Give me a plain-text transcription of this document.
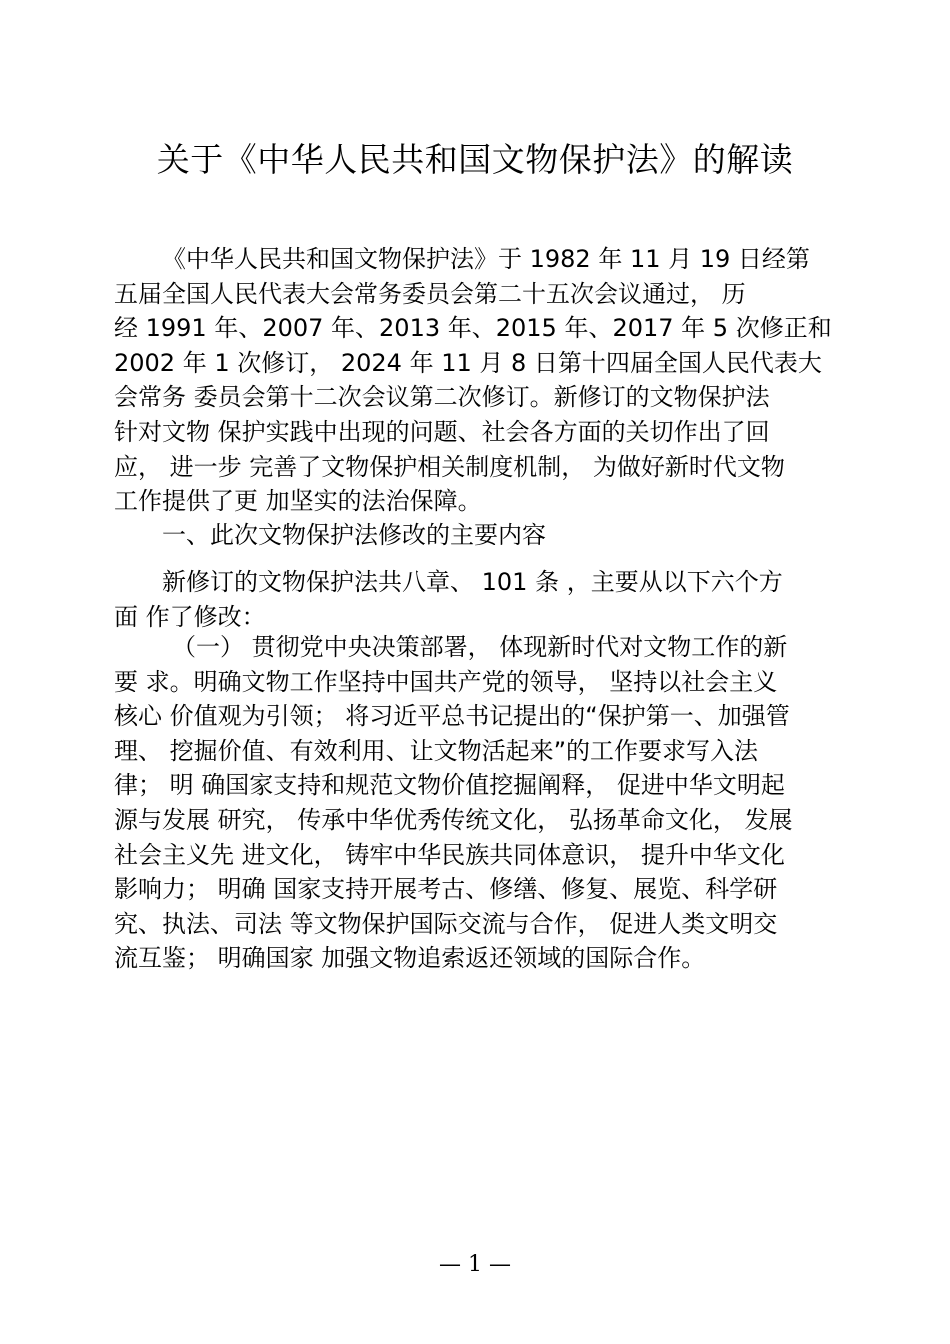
关于《中华人民共和国文物保护法》的解读

《中华人民共和国文物保护法》于 1982 年 11 月 19 日经第
五届全国人民代表大会常务委员会第二十五次会议通过， 历
经 1991 年、2007 年、2013 年、2015 年、2017 年 5 次修正和
2002 年 1 次修订， 2024 年 11 月 8 日第十四届全国人民代表大
会常务 委员会第十二次会议第二次修订。新修订的文物保护法
针对文物 保护实践中出现的问题、社会各方面的关切作出了回
应， 进一步 完善了文物保护相关制度机制， 为做好新时代文物
工作提供了更 加坚实的法治保障。

一、此次文物保护法修改的主要内容

新修订的文物保护法共八章、 101 条 ，主要从以下六个方
面 作了修改：

（一） 贯彻党中央决策部署， 体现新时代对文物工作的新
要 求。明确文物工作坚持中国共产党的领导， 坚持以社会主义
核心 价值观为引领； 将习近平总书记提出的“保护第一、加强管
理、 挖掘价值、有效利用、让文物活起来”的工作要求写入法
律； 明 确国家支持和规范文物价值挖掘阐释， 促进中华文明起
源与发展 研究， 传承中华优秀传统文化， 弘扬革命文化， 发展
社会主义先 进文化， 铸牢中华民族共同体意识， 提升中华文化
影响力； 明确 国家支持开展考古、修缮、修复、展览、科学研
究、执法、司法 等文物保护国际交流与合作， 促进人类文明交
流互鉴； 明确国家 加强文物追索返还领域的国际合作。

— 1 —
